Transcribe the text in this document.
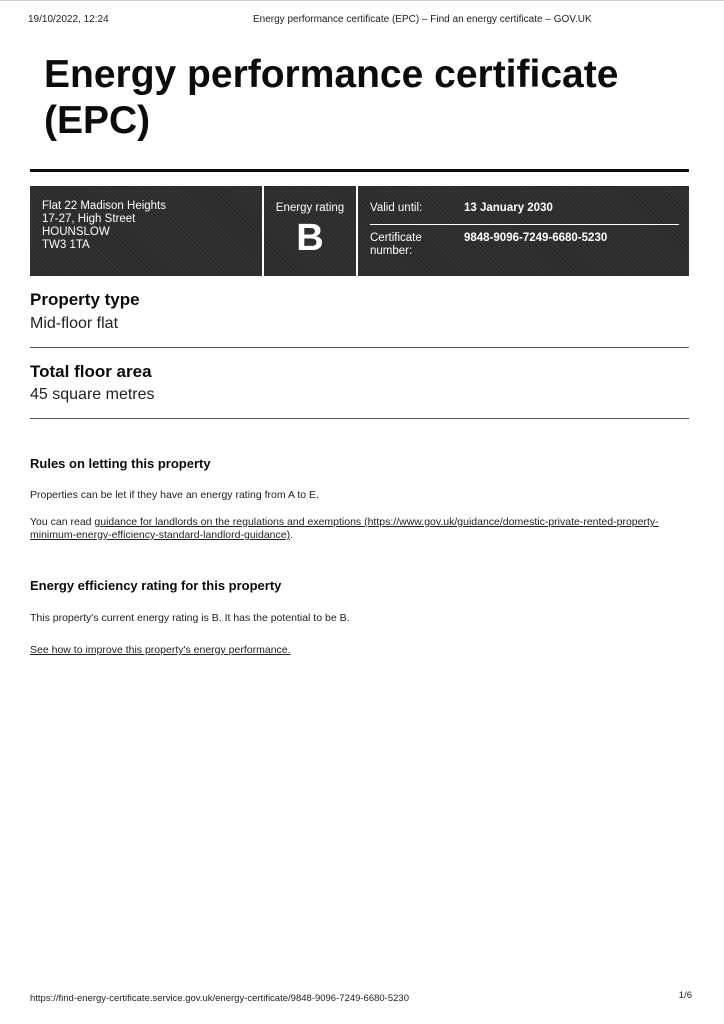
19/10/2022, 12:24	Energy performance certificate (EPC) – Find an energy certificate – GOV.UK
Energy performance certificate (EPC)
Flat 22 Madison Heights
17-27, High Street
HOUNSLOW
TW3 1TA
Energy rating
B
Valid until:	13 January 2030
Certificate number:
9848-9096-7249-6680-5230
Property type
Mid-floor flat
Total floor area
45 square metres
Rules on letting this property
Properties can be let if they have an energy rating from A to E.
You can read guidance for landlords on the regulations and exemptions (https://www.gov.uk/guidance/domestic-private-rented-property-minimum-energy-efficiency-standard-landlord-guidance).
Energy efficiency rating for this property
This property's current energy rating is B. It has the potential to be B.
See how to improve this property's energy performance.
https://find-energy-certificate.service.gov.uk/energy-certificate/9848-9096-7249-6680-5230	1/6
